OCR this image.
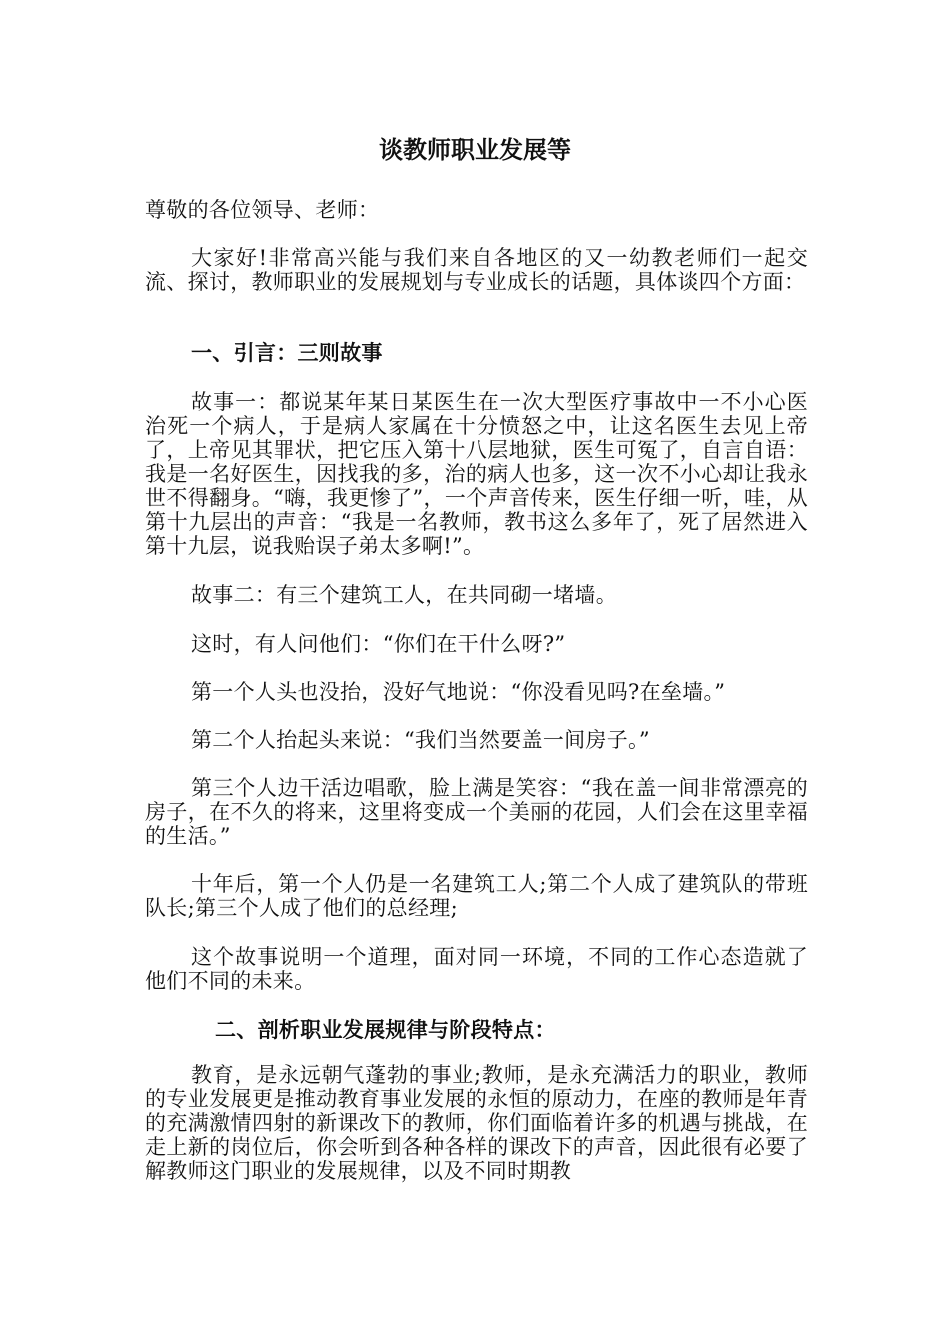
谈教师职业发展等

尊敬的各位领导、老师：

大家好!非常高兴能与我们来自各地区的又一幼教老师们一起交流、探讨，教师职业的发展规划与专业成长的话题，具体谈四个方面：

一、引言：三则故事

故事一：都说某年某日某医生在一次大型医疗事故中一不小心医治死一个病人，于是病人家属在十分愤怒之中，让这名医生去见上帝了，上帝见其罪状，把它压入第十八层地狱，医生可冤了，自言自语：我是一名好医生，因找我的多，治的病人也多，这一次不小心却让我永世不得翻身。“嗨，我更惨了”，一个声音传来，医生仔细一听，哇，从第十九层出的声音：“我是一名教师，教书这么多年了，死了居然进入第十九层，说我贻误子弟太多啊!”。

故事二：有三个建筑工人，在共同砌一堵墙。

这时，有人问他们：“你们在干什么呀?”

第一个人头也没抬，没好气地说：“你没看见吗?在垒墙。”

第二个人抬起头来说：“我们当然要盖一间房子。”

第三个人边干活边唱歌，脸上满是笑容：“我在盖一间非常漂亮的房子，在不久的将来，这里将变成一个美丽的花园，人们会在这里幸福的生活。”

十年后，第一个人仍是一名建筑工人;第二个人成了建筑队的带班队长;第三个人成了他们的总经理;

这个故事说明一个道理，面对同一环境，不同的工作心态造就了他们不同的未来。

二、剖析职业发展规律与阶段特点：

教育，是永远朝气蓬勃的事业;教师，是永充满活力的职业，教师的专业发展更是推动教育事业发展的永恒的原动力，在座的教师是年青的充满激情四射的新课改下的教师，你们面临着许多的机遇与挑战，在走上新的岗位后，你会听到各种各样的课改下的声音，因此很有必要了解教师这门职业的发展规律，以及不同时期教
